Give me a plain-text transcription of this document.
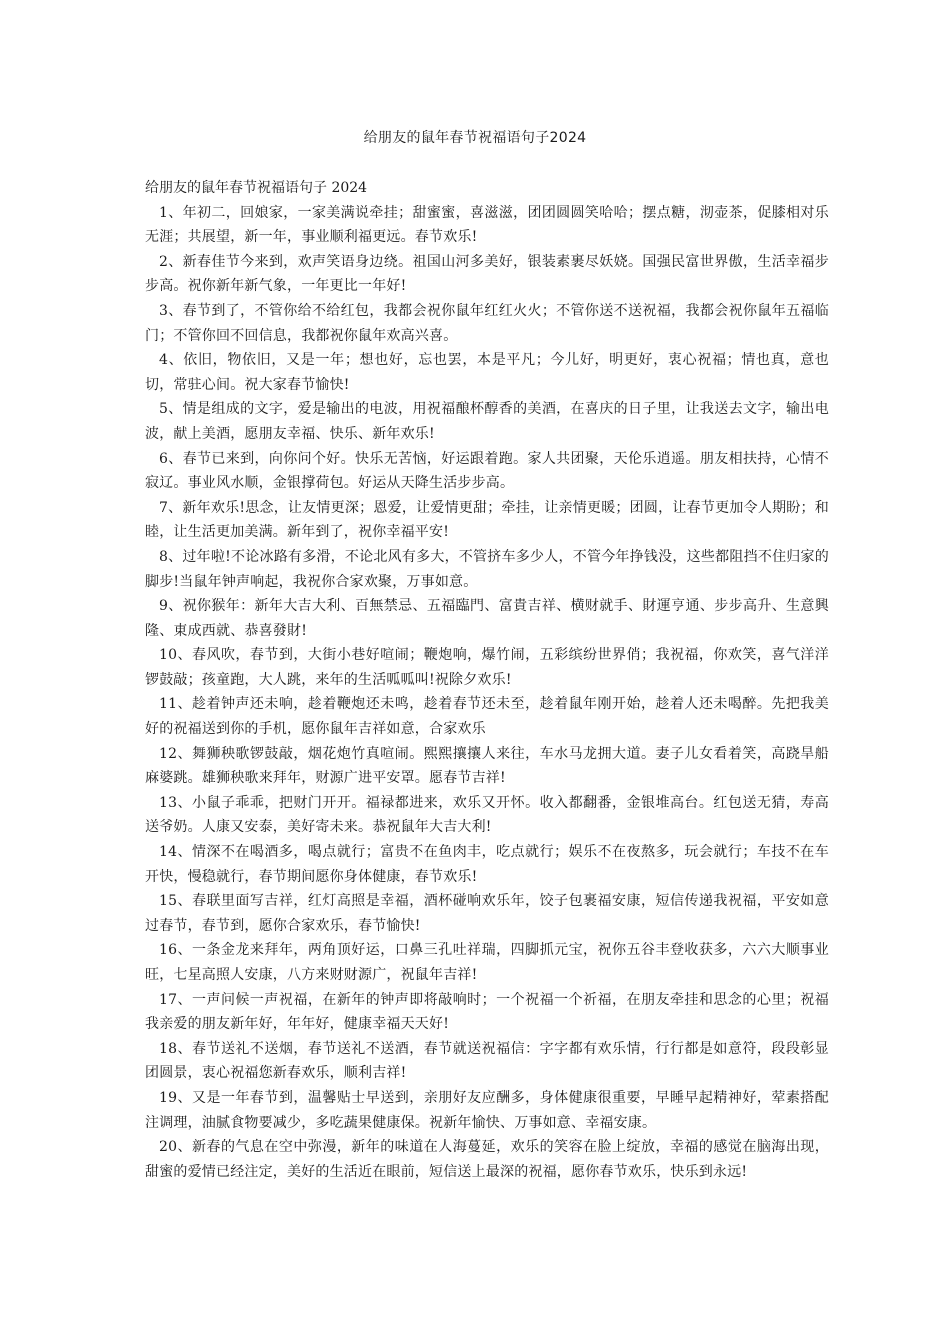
给朋友的鼠年春节祝福语句子2024

给朋友的鼠年春节祝福语句子 2024

1、年初二，回娘家，一家美满说牵挂；甜蜜蜜，喜滋滋，团团圆圆笑哈哈；摆点糖，沏壶茶，促膝相对乐无涯；共展望，新一年，事业顺利福更远。春节欢乐!

2、新春佳节今来到，欢声笑语身边绕。祖国山河多美好，银装素裹尽妖娆。国强民富世界傲，生活幸福步步高。祝你新年新气象，一年更比一年好!

3、春节到了，不管你给不给红包，我都会祝你鼠年红红火火；不管你送不送祝福，我都会祝你鼠年五福临门；不管你回不回信息，我都祝你鼠年欢高兴喜。

4、依旧，物依旧，又是一年；想也好，忘也罢，本是平凡；今儿好，明更好，衷心祝福；情也真，意也切，常驻心间。祝大家春节愉快!

5、情是组成的文字，爱是输出的电波，用祝福酿杯醇香的美酒，在喜庆的日子里，让我送去文字，输出电波，献上美酒，愿朋友幸福、快乐、新年欢乐!

6、春节已来到，向你问个好。快乐无苦恼，好运跟着跑。家人共团聚，天伦乐逍遥。朋友相扶持，心情不寂辽。事业风水顺，金银撑荷包。好运从天降生活步步高。

7、新年欢乐!思念，让友情更深；恩爱，让爱情更甜；牵挂，让亲情更暖；团圆，让春节更加令人期盼；和睦，让生活更加美满。新年到了，祝你幸福平安!

8、过年啦!不论冰路有多滑，不论北风有多大，不管挤车多少人，不管今年挣钱没，这些都阻挡不住归家的脚步!当鼠年钟声响起，我祝你合家欢聚，万事如意。

9、祝你猴年：新年大吉大利、百無禁忌、五福臨門、富貴吉祥、横财就手、財運亨通、步步高升、生意興隆、東成西就、恭喜發財!

10、春风吹，春节到，大街小巷好喧闹；鞭炮响，爆竹闹，五彩缤纷世界俏；我祝福，你欢笑，喜气洋洋锣鼓敲；孩童跑，大人跳，来年的生活呱呱叫!祝除夕欢乐!

11、趁着钟声还未响，趁着鞭炮还未鸣，趁着春节还未至，趁着鼠年刚开始，趁着人还未喝醉。先把我美好的祝福送到你的手机，愿你鼠年吉祥如意，合家欢乐

12、舞狮秧歌锣鼓敲，烟花炮竹真喧闹。熙熙攘攘人来往，车水马龙拥大道。妻子儿女看着笑，高跷旱船麻婆跳。雄狮秧歌来拜年，财源广进平安罩。愿春节吉祥!

13、小鼠子乖乖，把财门开开。福禄都进来，欢乐又开怀。收入都翻番，金银堆高台。红包送无猜，寿高送爷奶。人康又安泰，美好寄未来。恭祝鼠年大吉大利!

14、情深不在喝酒多，喝点就行；富贵不在鱼肉丰，吃点就行；娱乐不在夜熬多，玩会就行；车技不在车开快，慢稳就行，春节期间愿你身体健康，春节欢乐!

15、春联里面写吉祥，红灯高照是幸福，酒杯碰响欢乐年，饺子包裹福安康，短信传递我祝福，平安如意过春节，春节到，愿你合家欢乐，春节愉快!

16、一条金龙来拜年，两角顶好运，口鼻三孔吐祥瑞，四脚抓元宝，祝你五谷丰登收获多，六六大顺事业旺，七星高照人安康，八方来财财源广，祝鼠年吉祥!

17、一声问候一声祝福，在新年的钟声即将敲响时；一个祝福一个祈福，在朋友牵挂和思念的心里；祝福我亲爱的朋友新年好，年年好，健康幸福天天好!

18、春节送礼不送烟，春节送礼不送酒，春节就送祝福信：字字都有欢乐情，行行都是如意符，段段彰显团圆景，衷心祝福您新春欢乐，顺利吉祥!

19、又是一年春节到，温馨贴士早送到，亲朋好友应酬多，身体健康很重要，早睡早起精神好，荤素搭配注调理，油腻食物要减少，多吃蔬果健康保。祝新年愉快、万事如意、幸福安康。

20、新春的气息在空中弥漫，新年的味道在人海蔓延，欢乐的笑容在脸上绽放，幸福的感觉在脑海出现，甜蜜的爱情已经注定，美好的生活近在眼前，短信送上最深的祝福，愿你春节欢乐，快乐到永远!
